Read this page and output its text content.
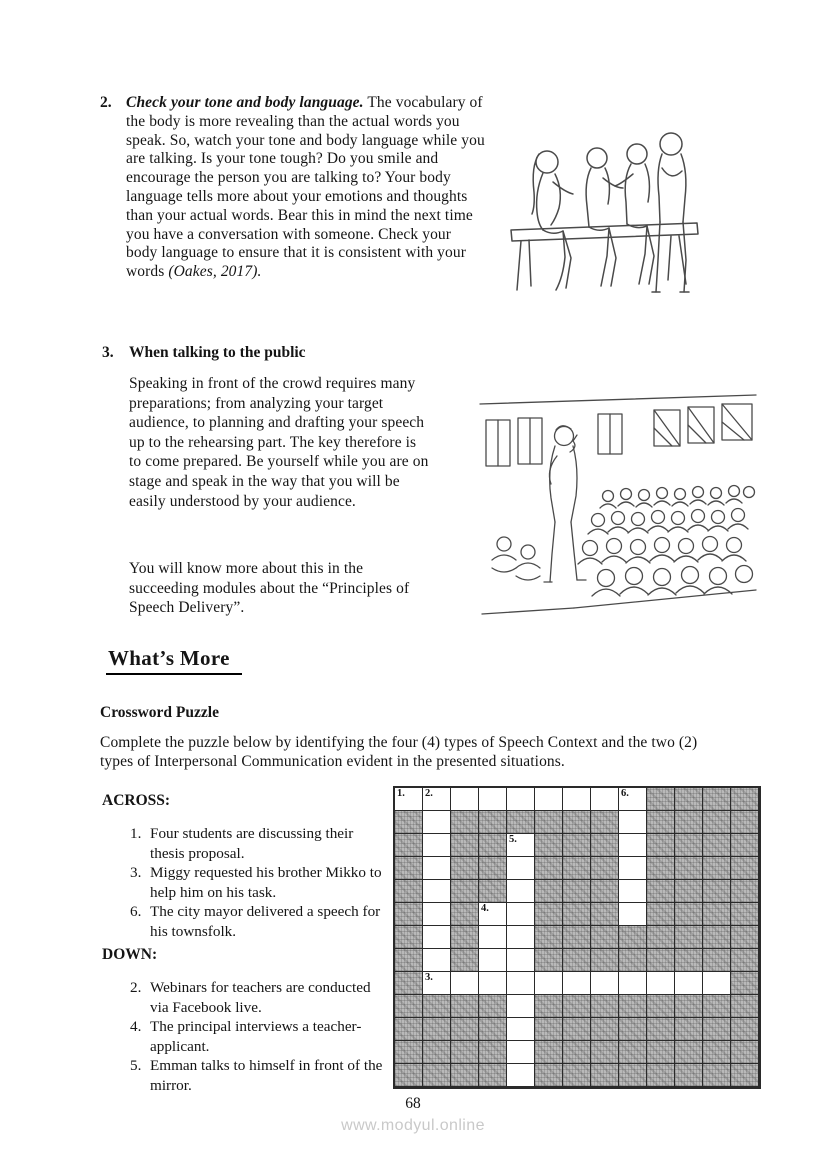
2. Check your tone and body language. The vocabulary of the body is more revealing than the actual words you speak. So, watch your tone and body language while you are talking. Is your tone tough? Do you smile and encourage the person you are talking to? Your body language tells more about your emotions and thoughts than your actual words. Bear this in mind the next time you have a conversation with someone. Check your body language to ensure that it is consistent with your words (Oakes, 2017).

3. When talking to the public

Speaking in front of the crowd requires many preparations; from analyzing your target audience, to planning and drafting your speech up to the rehearsing part. The key therefore is to come prepared. Be yourself while you are on stage and speak in the way that you will be easily understood by your audience.

You will know more about this in the succeeding modules about the “Principles of Speech Delivery”.

What’s More
Crossword Puzzle

Complete the puzzle below by identifying the four (4) types of Speech Context and the two (2) types of Interpersonal Communication evident in the presented situations.

ACROSS:
1. Four students are discussing their thesis proposal.
3. Miggy requested his brother Mikko to help him on his task.
6. The city mayor delivered a speech for his townsfolk.
DOWN:
2. Webinars for teachers are conducted via Facebook live.
4. The principal interviews a teacher-applicant.
5. Emman talks to himself in front of the mirror.
1. 2.	6.
5.
4.
3.
68
www.modyul.online
